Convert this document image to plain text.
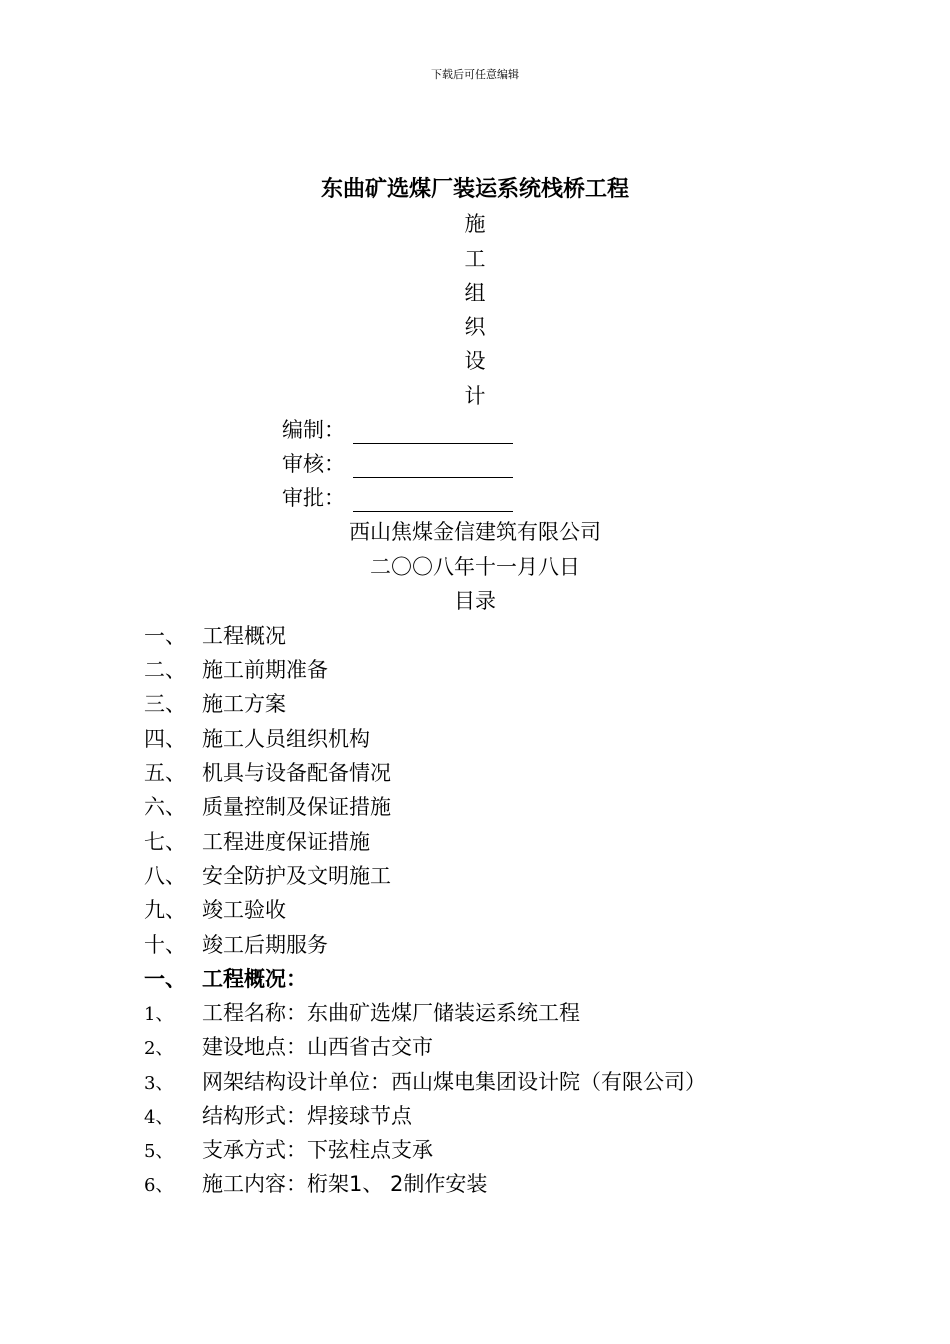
下载后可任意编辑
东曲矿选煤厂装运系统栈桥工程
施
工
组
织
设
计
编制：
审核：
审批：
西山焦煤金信建筑有限公司
二〇〇八年十一月八日
目录
一、 工程概况
二、 施工前期准备
三、 施工方案
四、 施工人员组织机构
五、 机具与设备配备情况
六、 质量控制及保证措施
七、 工程进度保证措施
八、 安全防护及文明施工
九、 竣工验收
十、 竣工后期服务
一、 工程概况：
1、 工程名称：东曲矿选煤厂储装运系统工程
2、 建设地点：山西省古交市
3、 网架结构设计单位：西山煤电集团设计院（有限公司）
4、 结构形式：焊接球节点
5、 支承方式：下弦柱点支承
6、 施工内容：桁架1、 2制作安装
